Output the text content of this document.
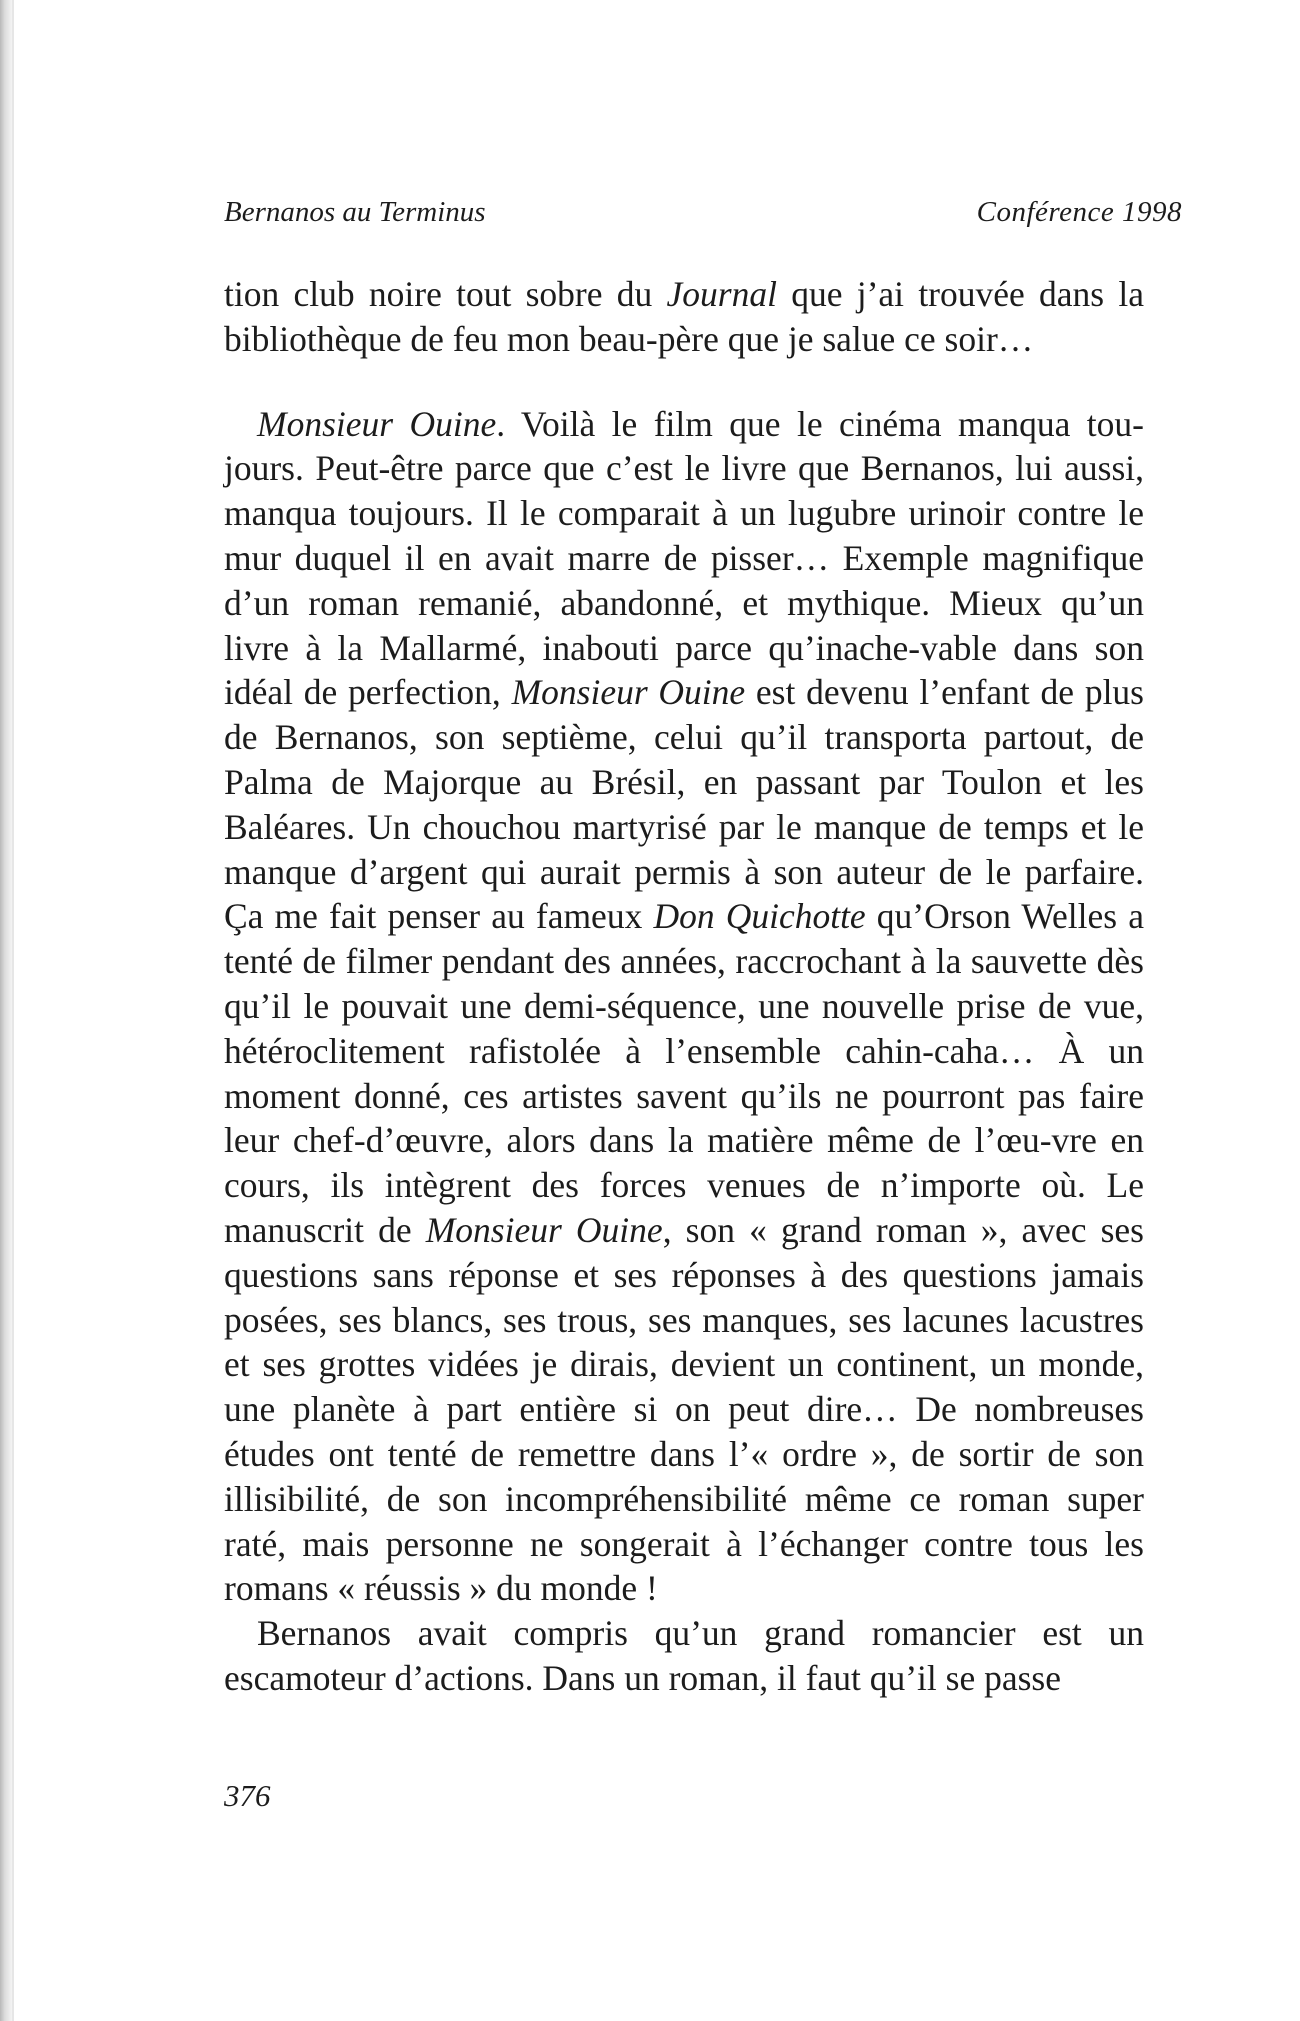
Bernanos au Terminus	Conférence 1998

tion club noire tout sobre du Journal que j’ai trouvée dans la bibliothèque de feu mon beau-père que je salue ce soir…

Monsieur Ouine. Voilà le film que le cinéma manqua tou-jours. Peut-être parce que c’est le livre que Bernanos, lui aussi, manqua toujours. Il le comparait à un lugubre urinoir contre le mur duquel il en avait marre de pisser… Exemple magnifique d’un roman remanié, abandonné, et mythique. Mieux qu’un livre à la Mallarmé, inabouti parce qu’inache-vable dans son idéal de perfection, Monsieur Ouine est devenu l’enfant de plus de Bernanos, son septième, celui qu’il transporta partout, de Palma de Majorque au Brésil, en passant par Toulon et les Baléares. Un chouchou martyrisé par le manque de temps et le manque d’argent qui aurait permis à son auteur de le parfaire. Ça me fait penser au fameux Don Quichotte qu’Orson Welles a tenté de filmer pendant des années, raccrochant à la sauvette dès qu’il le pouvait une demi-séquence, une nouvelle prise de vue, hétéroclitement rafistolée à l’ensemble cahin-caha… À un moment donné, ces artistes savent qu’ils ne pourront pas faire leur chef-d’œuvre, alors dans la matière même de l’œu-vre en cours, ils intègrent des forces venues de n’importe où. Le manuscrit de Monsieur Ouine, son « grand roman », avec ses questions sans réponse et ses réponses à des questions jamais posées, ses blancs, ses trous, ses manques, ses lacunes lacustres et ses grottes vidées je dirais, devient un continent, un monde, une planète à part entière si on peut dire… De nombreuses études ont tenté de remettre dans l’« ordre », de sortir de son illisibilité, de son incompréhensibilité même ce roman super raté, mais personne ne songerait à l’échanger contre tous les romans « réussis » du monde !

Bernanos avait compris qu’un grand romancier est un escamoteur d’actions. Dans un roman, il faut qu’il se passe

376
